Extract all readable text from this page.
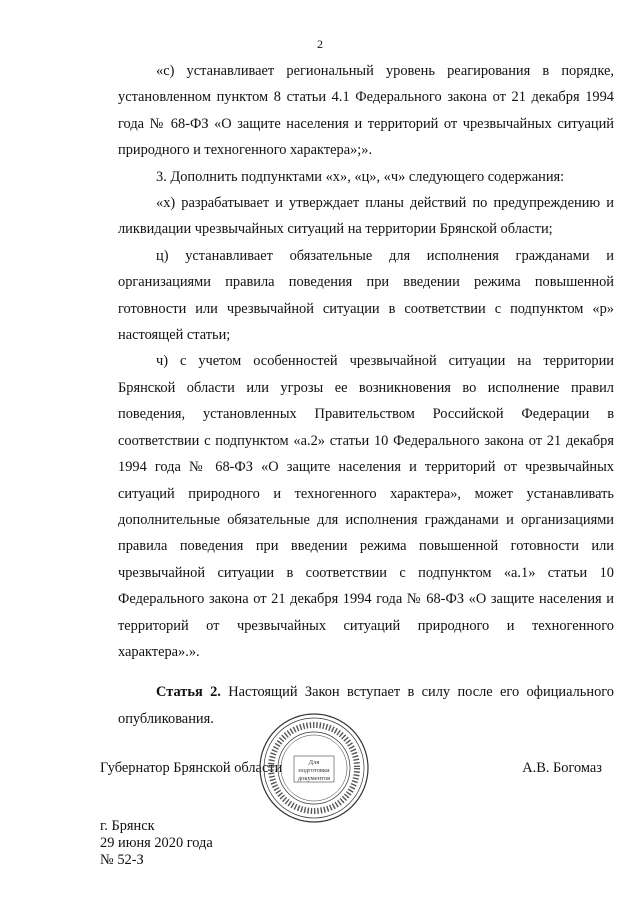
2

«с) устанавливает региональный уровень реагирования в порядке, установленном пунктом 8 статьи 4.1 Федерального закона от 21 декабря 1994 года № 68-ФЗ «О защите населения и территорий от чрезвычайных ситуаций природного и техногенного характера»;».

3. Дополнить подпунктами «х», «ц», «ч» следующего содержания:

«х) разрабатывает и утверждает планы действий по предупреждению и ликвидации чрезвычайных ситуаций на территории Брянской области;

ц) устанавливает обязательные для исполнения гражданами и организациями правила поведения при введении режима повышенной готовности или чрезвычайной ситуации в соответствии с подпунктом «р» настоящей статьи;

ч) с учетом особенностей чрезвычайной ситуации на территории Брянской области или угрозы ее возникновения во исполнение правил поведения, установленных Правительством Российской Федерации в соответствии с подпунктом «а.2» статьи 10 Федерального закона от 21 декабря 1994 года № 68-ФЗ «О защите населения и территорий от чрезвычайных ситуаций природного и техногенного характера», может устанавливать дополнительные обязательные для исполнения гражданами и организациями правила поведения при введении режима повышенной готовности или чрезвычайной ситуации в соответствии с подпунктом «а.1» статьи 10 Федерального закона от 21 декабря 1994 года № 68-ФЗ «О защите населения и территорий от чрезвычайных ситуаций природного и техногенного характера».».

Статья 2. Настоящий Закон вступает в силу после его официального опубликования.

Губернатор Брянской области	А.В. Богомаз
Для
подготовки
документов
г. Брянск
29 июня 2020 года
№ 52-З
